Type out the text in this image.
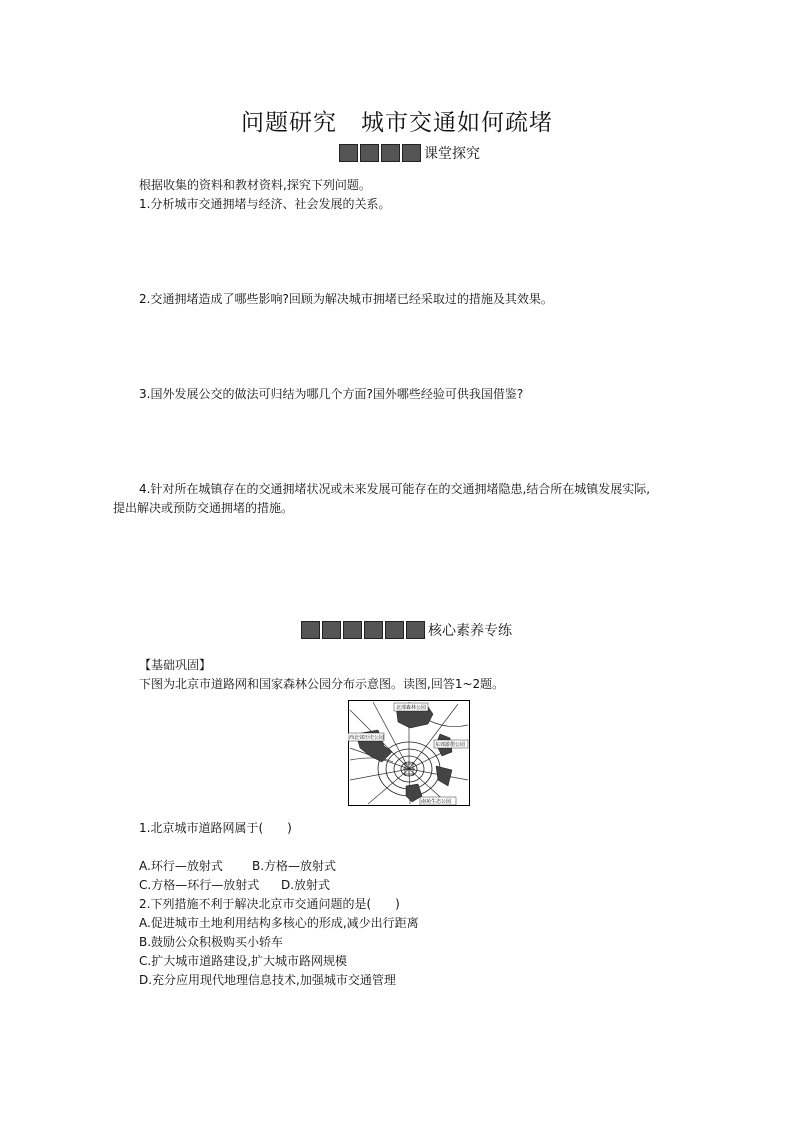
问题研究　城市交通如何疏堵
课堂探究
根据收集的资料和教材资料,探究下列问题。
1.分析城市交通拥堵与经济、社会发展的关系。
2.交通拥堵造成了哪些影响?回顾为解决城市拥堵已经采取过的措施及其效果。
3.国外发展公交的做法可归结为哪几个方面?国外哪些经验可供我国借鉴?
4.针对所在城镇存在的交通拥堵状况或未来发展可能存在的交通拥堵隐患,结合所在城镇发展实际,
提出解决或预防交通拥堵的措施。
核心素养专练
【基础巩固】
下图为北京市道路网和国家森林公园分布示意图。读图,回答1~2题。
北部森林公园
西北郊历史公园
东郊游憩公园
南苑生态公园
1.北京城市道路网属于(　　)
A.环行—放射式 B.方格—放射式
C.方格—环行—放射式 D.放射式
2.下列措施不利于解决北京市交通问题的是(　　)
A.促进城市土地利用结构多核心的形成,减少出行距离
B.鼓励公众积极购买小轿车
C.扩大城市道路建设,扩大城市路网规模
D.充分应用现代地理信息技术,加强城市交通管理
